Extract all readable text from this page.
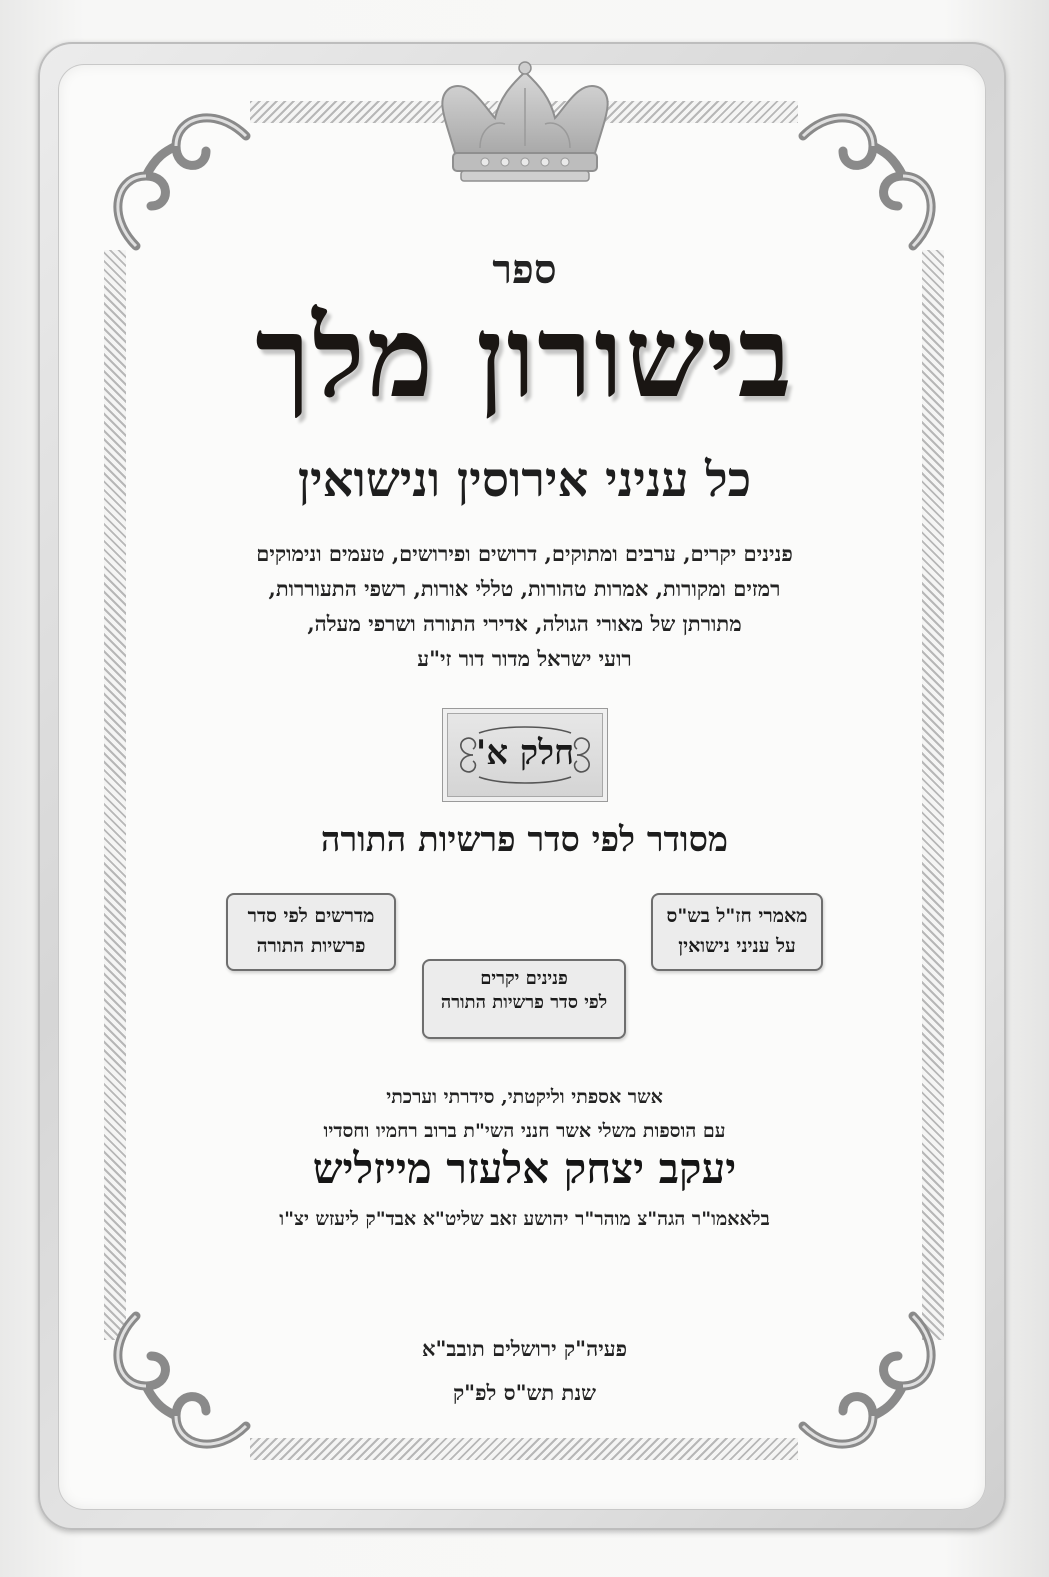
ספר
בישורון מלך
כל עניני אירוסין ונישואין
פנינים יקרים, ערבים ומתוקים, דרושים ופירושים, טעמים ונימוקים
רמזים ומקורות, אמרות טהורות, טללי אורות, רשפי התעוררות,
מתורתן של מאורי הגולה, אדירי התורה ושרפי מעלה,
רועי ישראל מדור דור זי"ע
חלק א'
מסודר לפי סדר פרשיות התורה
מאמרי חז"ל בש"ס
על עניני נישואין
מדרשים לפי סדר
פרשיות התורה
פנינים יקרים
לפי סדר פרשיות התורה
אשר אספתי וליקטתי, סידרתי וערכתי
עם הוספות משלי אשר חנני השי"ת ברוב רחמיו וחסדיו
יעקב יצחק אלעזר מייזליש
בלאאמו"ר הגה"צ מוהר"ר יהושע זאב שליט"א אבד"ק ליעזש יצ"ו
פעיה"ק ירושלים תובב"א
שנת תש"ס לפ"ק
